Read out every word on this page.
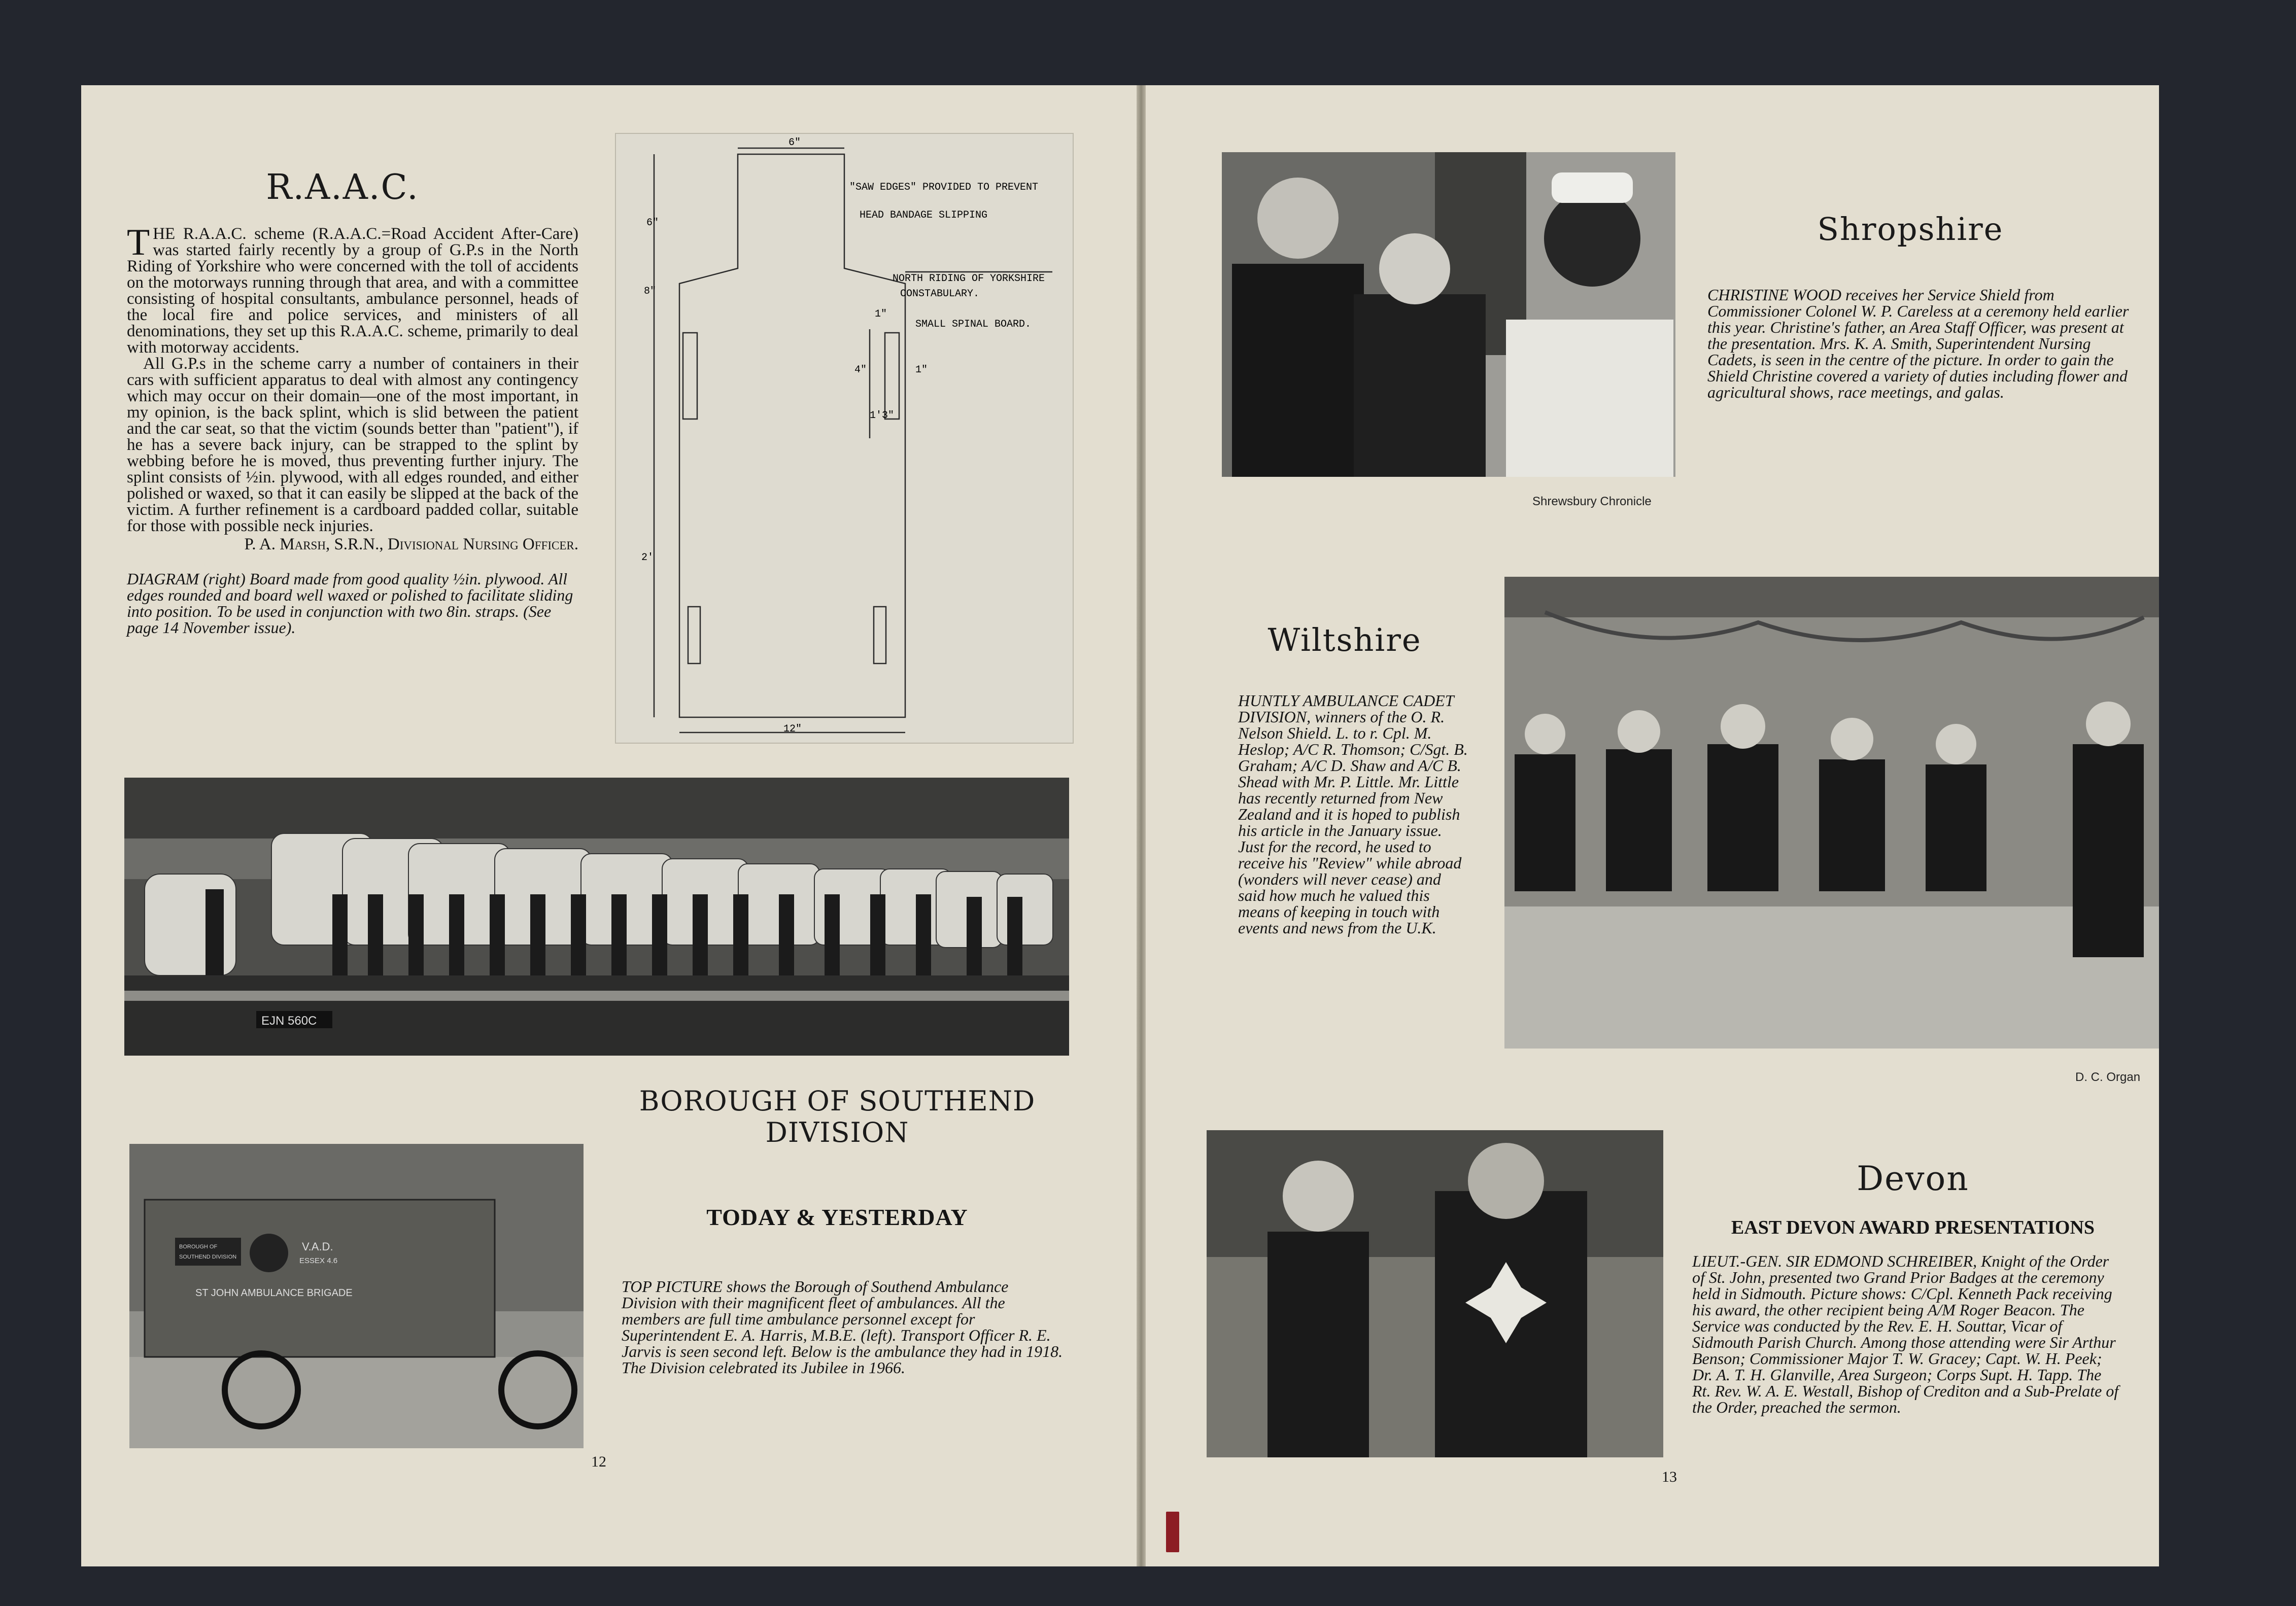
R.A.A.C.
T HE R.A.A.C. scheme (R.A.A.C.=Road Accident After-Care) was started fairly recently by a group of G.P.s in the North Riding of Yorkshire who were concerned with the toll of accidents on the motorways running through that area, and with a committee consisting of hospital consultants, ambulance personnel, heads of the local fire and police services, and ministers of all denominations, they set up this R.A.A.C. scheme, primarily to deal with motorway accidents.
All G.P.s in the scheme carry a number of containers in their cars with sufficient apparatus to deal with almost any contingency which may occur on their domain—one of the most important, in my opinion, is the back splint, which is slid between the patient and the car seat, so that the victim (sounds better than "patient"), if he has a severe back injury, can be strapped to the splint by webbing before he is moved, thus preventing further injury. The splint consists of ½in. plywood, with all edges rounded, and either polished or waxed, so that it can easily be slipped at the back of the victim. A further refinement is a cardboard padded collar, suitable for those with possible neck injuries.
P. A. Marsh, S.R.N., Divisional Nursing Officer.
DIAGRAM (right) Board made from good quality ½in. plywood. All edges rounded and board well waxed or polished to facilitate sliding into position. To be used in conjunction with two 8in. straps. (See page 14 November issue).
6"
6"
8"
2'
1"
4"	1"
1'3"
12"
"SAW EDGES" PROVIDED TO PREVENT
HEAD BANDAGE SLIPPING
NORTH RIDING OF YORKSHIRE
CONSTABULARY.
SMALL SPINAL BOARD.
EJN 560C
BOROUGH OF
SOUTHEND DIVISION
V.A.D.
ESSEX 4.6
ST JOHN AMBULANCE BRIGADE
BOROUGH OF SOUTHEND
DIVISION
TODAY & YESTERDAY
TOP PICTURE shows the Borough of Southend Ambulance Division with their magnificent fleet of ambulances. All the members are full time ambulance personnel except for Superintendent E. A. Harris, M.B.E. (left). Transport Officer R. E. Jarvis is seen second left. Below is the ambulance they had in 1918. The Division celebrated its Jubilee in 1966.
12
Shrewsbury Chronicle
Shropshire
CHRISTINE WOOD receives her Service Shield from Commissioner Colonel W. P. Careless at a ceremony held earlier this year. Christine's father, an Area Staff Officer, was present at the presentation. Mrs. K. A. Smith, Superintendent Nursing Cadets, is seen in the centre of the picture. In order to gain the Shield Christine covered a variety of duties including flower and agricultural shows, race meetings, and galas.
Wiltshire
HUNTLY AMBULANCE CADET DIVISION, winners of the O. R. Nelson Shield. L. to r. Cpl. M. Heslop; A/C R. Thomson; C/Sgt. B. Graham; A/C D. Shaw and A/C B. Shead with Mr. P. Little. Mr. Little has recently returned from New Zealand and it is hoped to publish his article in the January issue. Just for the record, he used to receive his "Review" while abroad (wonders will never cease) and said how much he valued this means of keeping in touch with events and news from the U.K.
D. C. Organ
Devon
EAST DEVON AWARD PRESENTATIONS
LIEUT.-GEN. SIR EDMOND SCHREIBER, Knight of the Order of St. John, presented two Grand Prior Badges at the ceremony held in Sidmouth. Picture shows: C/Cpl. Kenneth Pack receiving his award, the other recipient being A/M Roger Beacon. The Service was conducted by the Rev. E. H. Souttar, Vicar of Sidmouth Parish Church. Among those attending were Sir Arthur Benson; Commissioner Major T. W. Gracey; Capt. W. H. Peek; Dr. A. T. H. Glanville, Area Surgeon; Corps Supt. H. Tapp. The Rt. Rev. W. A. E. Westall, Bishop of Crediton and a Sub-Prelate of the Order, preached the sermon.
13
